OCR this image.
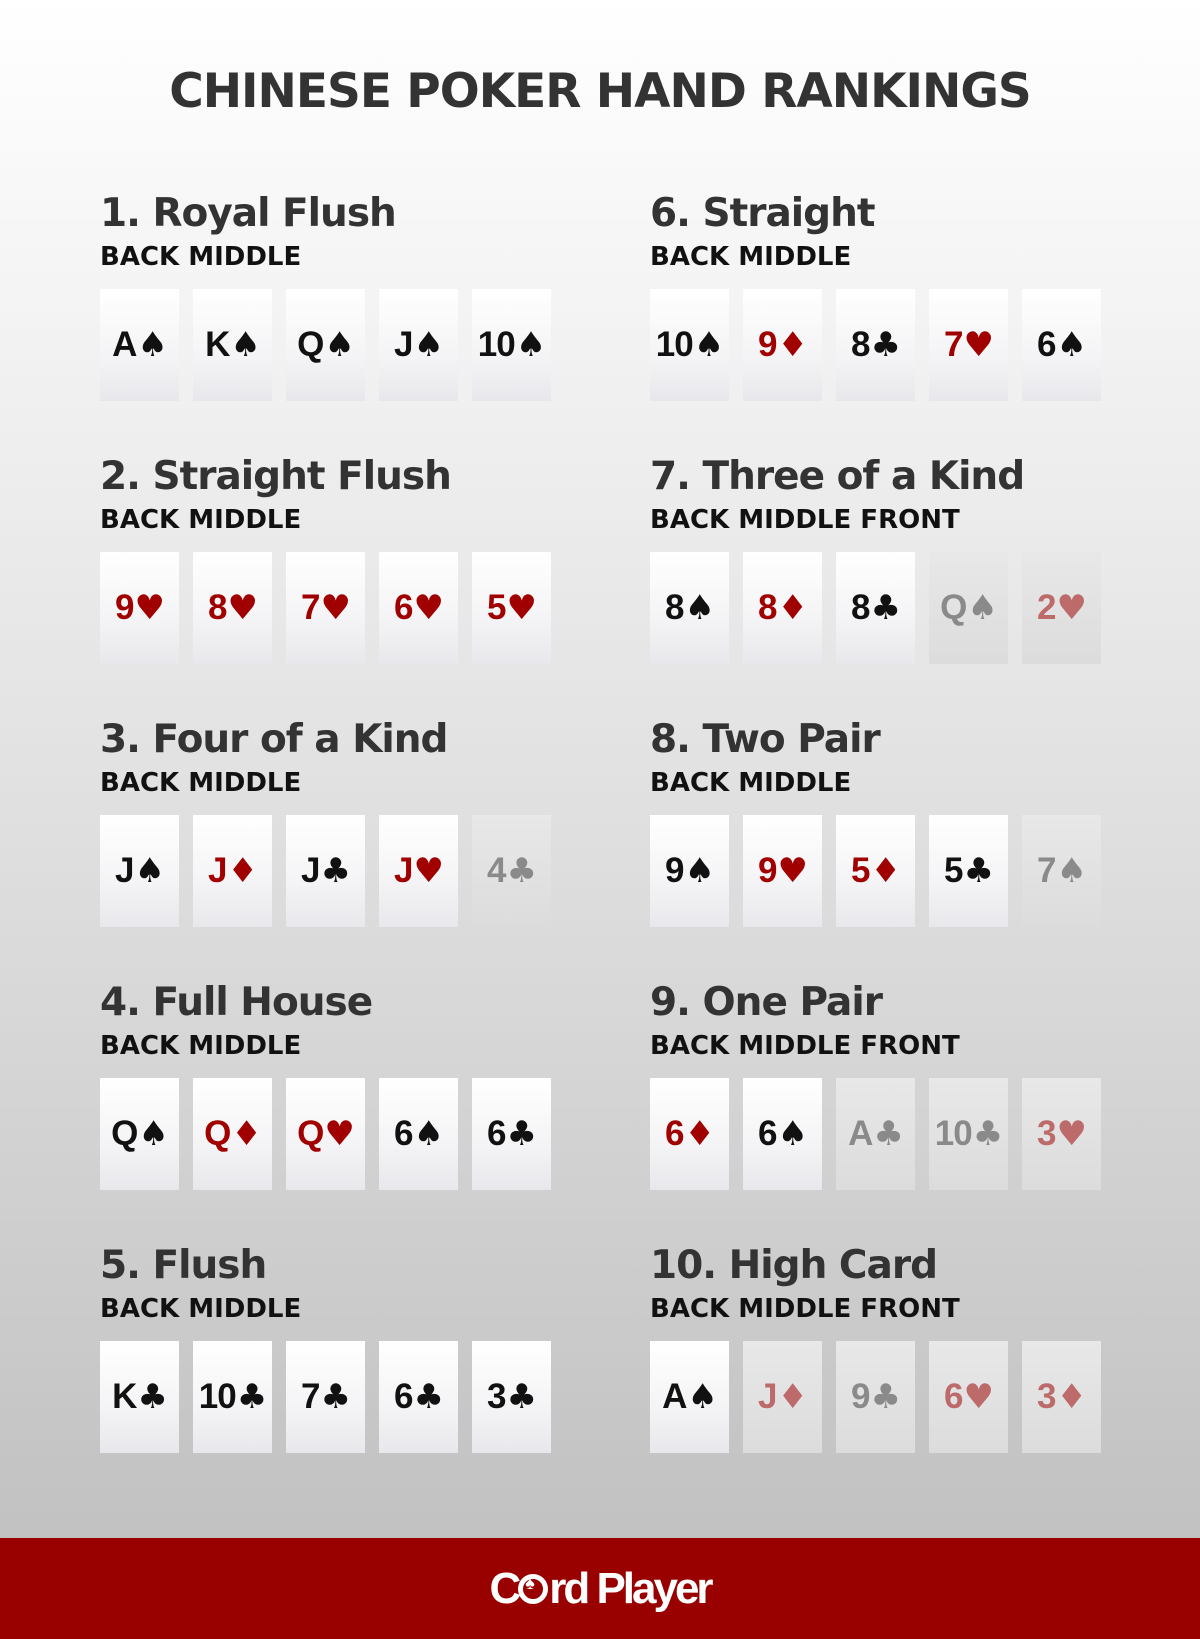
CHINESE POKER HAND RANKINGS
1. Royal Flush
BACK MIDDLE
A ♠ K ♠ Q ♠ J ♠ 10 ♠
2. Straight Flush
BACK MIDDLE
9 ♥ 8 ♥ 7 ♥ 6 ♥ 5 ♥
3. Four of a Kind
BACK MIDDLE
J ♠ J ♦ J ♣ J ♥ 4 ♣
4. Full House
BACK MIDDLE
Q ♠ Q ♦ Q ♥ 6 ♠ 6 ♣
5. Flush
BACK MIDDLE
K ♣ 10 ♣ 7 ♣ 6 ♣ 3 ♣
6. Straight
BACK MIDDLE
10 ♠ 9 ♦ 8 ♣ 7 ♥ 6 ♠
7. Three of a Kind
BACK MIDDLE FRONT
8 ♠ 8 ♦ 8 ♣ Q ♠ 2 ♥
8. Two Pair
BACK MIDDLE
9 ♠ 9 ♥ 5 ♦ 5 ♣ 7 ♠
9. One Pair
BACK MIDDLE FRONT
6 ♦ 6 ♠ A ♣ 10 ♣ 3 ♥
10. High Card
BACK MIDDLE FRONT
A ♠ J ♦ 9 ♣ 6 ♥ 3 ♦
C
♠ rd Player
